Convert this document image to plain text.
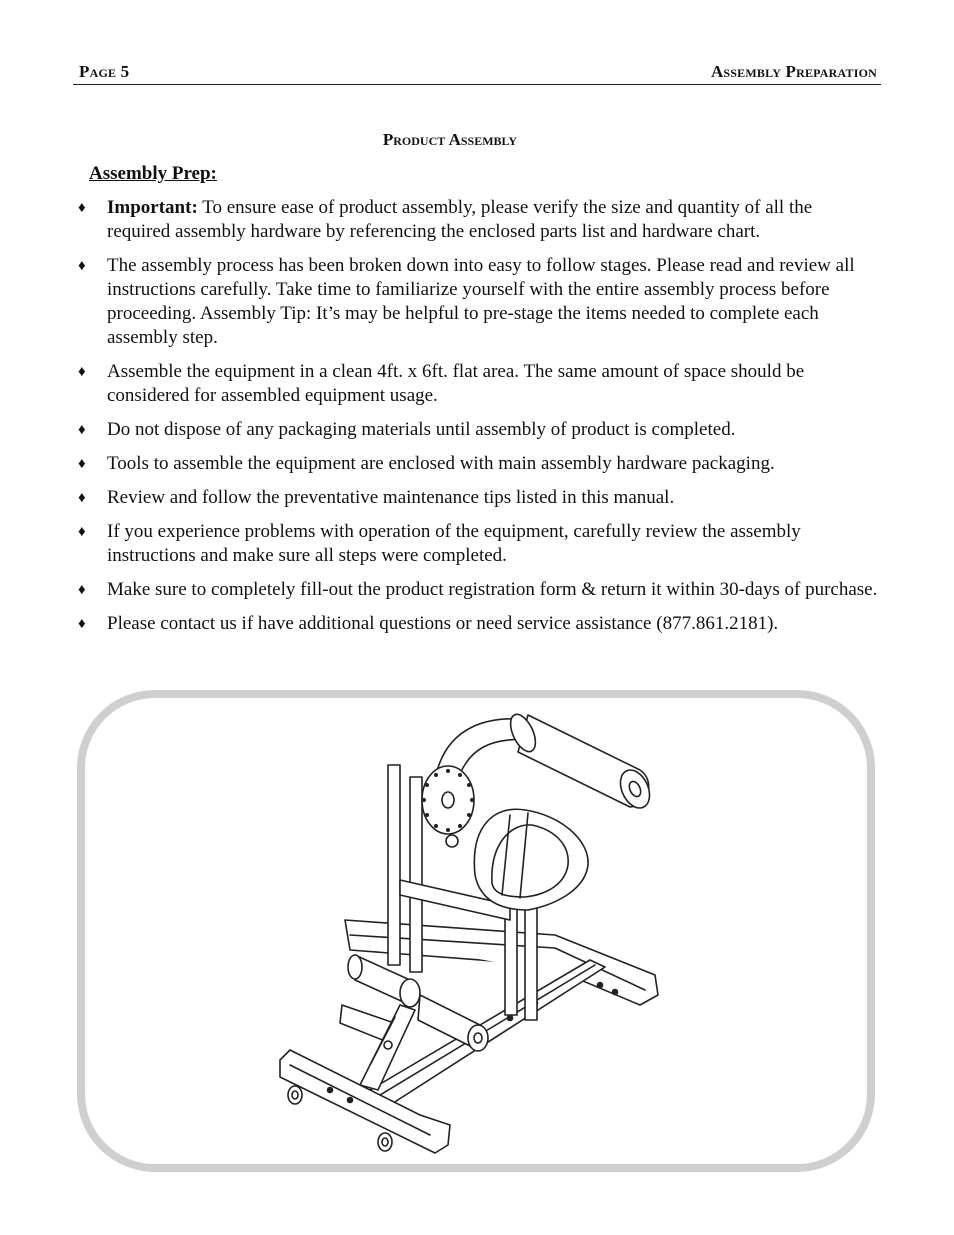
Page 5	Assembly Preparation
Product Assembly
Assembly Prep:
♦ Important: To ensure ease of product assembly, please verify the size and quantity of all the required assembly hardware by referencing the enclosed parts list and hardware chart.
♦ The assembly process has been broken down into easy to follow stages. Please read and review all instructions carefully. Take time to familiarize yourself with the entire assembly process before proceeding. Assembly Tip: It’s may be helpful to pre-stage the items needed to complete each assembly step.
♦ Assemble the equipment in a clean 4ft. x 6ft. flat area. The same amount of space should be considered for assembled equipment usage.
♦ Do not dispose of any packaging materials until assembly of product is completed.
♦ Tools to assemble the equipment are enclosed with main assembly hardware packaging.
♦ Review and follow the preventative maintenance tips listed in this manual.
♦ If you experience problems with operation of the equipment, carefully review the assembly instructions and make sure all steps were completed.
♦ Make sure to completely fill-out the product registration form & return it within 30-days of purchase.
♦ Please contact us if have additional questions or need service assistance (877.861.2181).
